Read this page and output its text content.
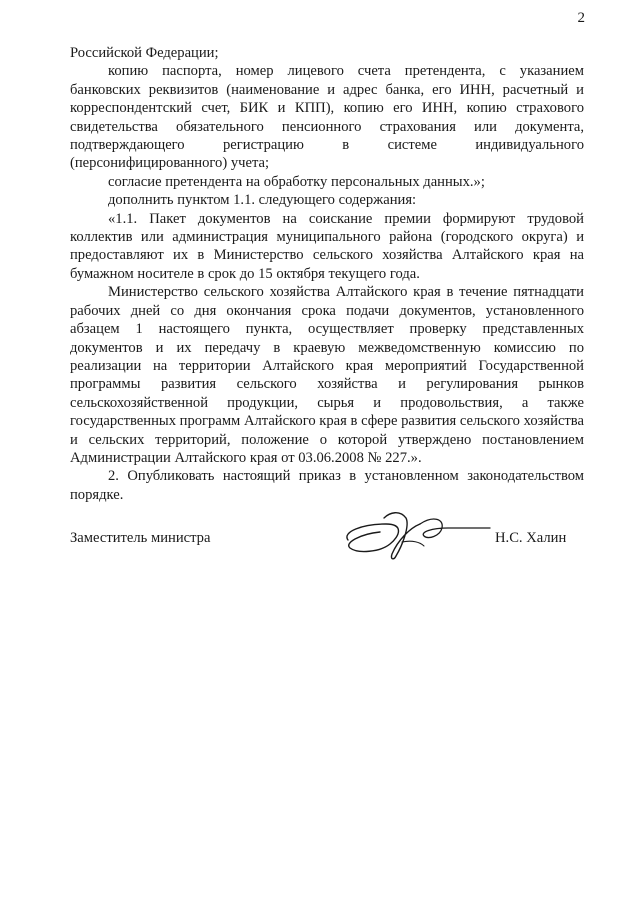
2

Российской Федерации;

копию паспорта, номер лицевого счета претендента, с указанием банковских реквизитов (наименование и адрес банка, его ИНН, расчетный и корреспондентский счет, БИК и КПП), копию его ИНН, копию страхового свидетельства обязательного пенсионного страхования или документа, подтверждающего регистрацию в системе индивидуального (персонифицированного) учета;

согласие претендента на обработку персональных данных.»;

дополнить пунктом 1.1. следующего содержания:

«1.1. Пакет документов на соискание премии формируют трудовой коллектив или администрация муниципального района (городского округа) и предоставляют их в Министерство сельского хозяйства Алтайского края на бумажном носителе в срок до 15 октября текущего года.

Министерство сельского хозяйства Алтайского края в течение пятнадцати рабочих дней со дня окончания срока подачи документов, установленного абзацем 1 настоящего пункта, осуществляет проверку представленных документов и их передачу в краевую межведомственную комиссию по реализации на территории Алтайского края мероприятий Государственной программы развития сельского хозяйства и регулирования рынков сельскохозяйственной продукции, сырья и продовольствия, а также государственных программ Алтайского края в сфере развития сельского хозяйства и сельских территорий, положение о которой утверждено постановлением Администрации Алтайского края от 03.06.2008 № 227.».

2. Опубликовать настоящий приказ в установленном законодательством порядке.

Заместитель министра	Н.С. Халин
